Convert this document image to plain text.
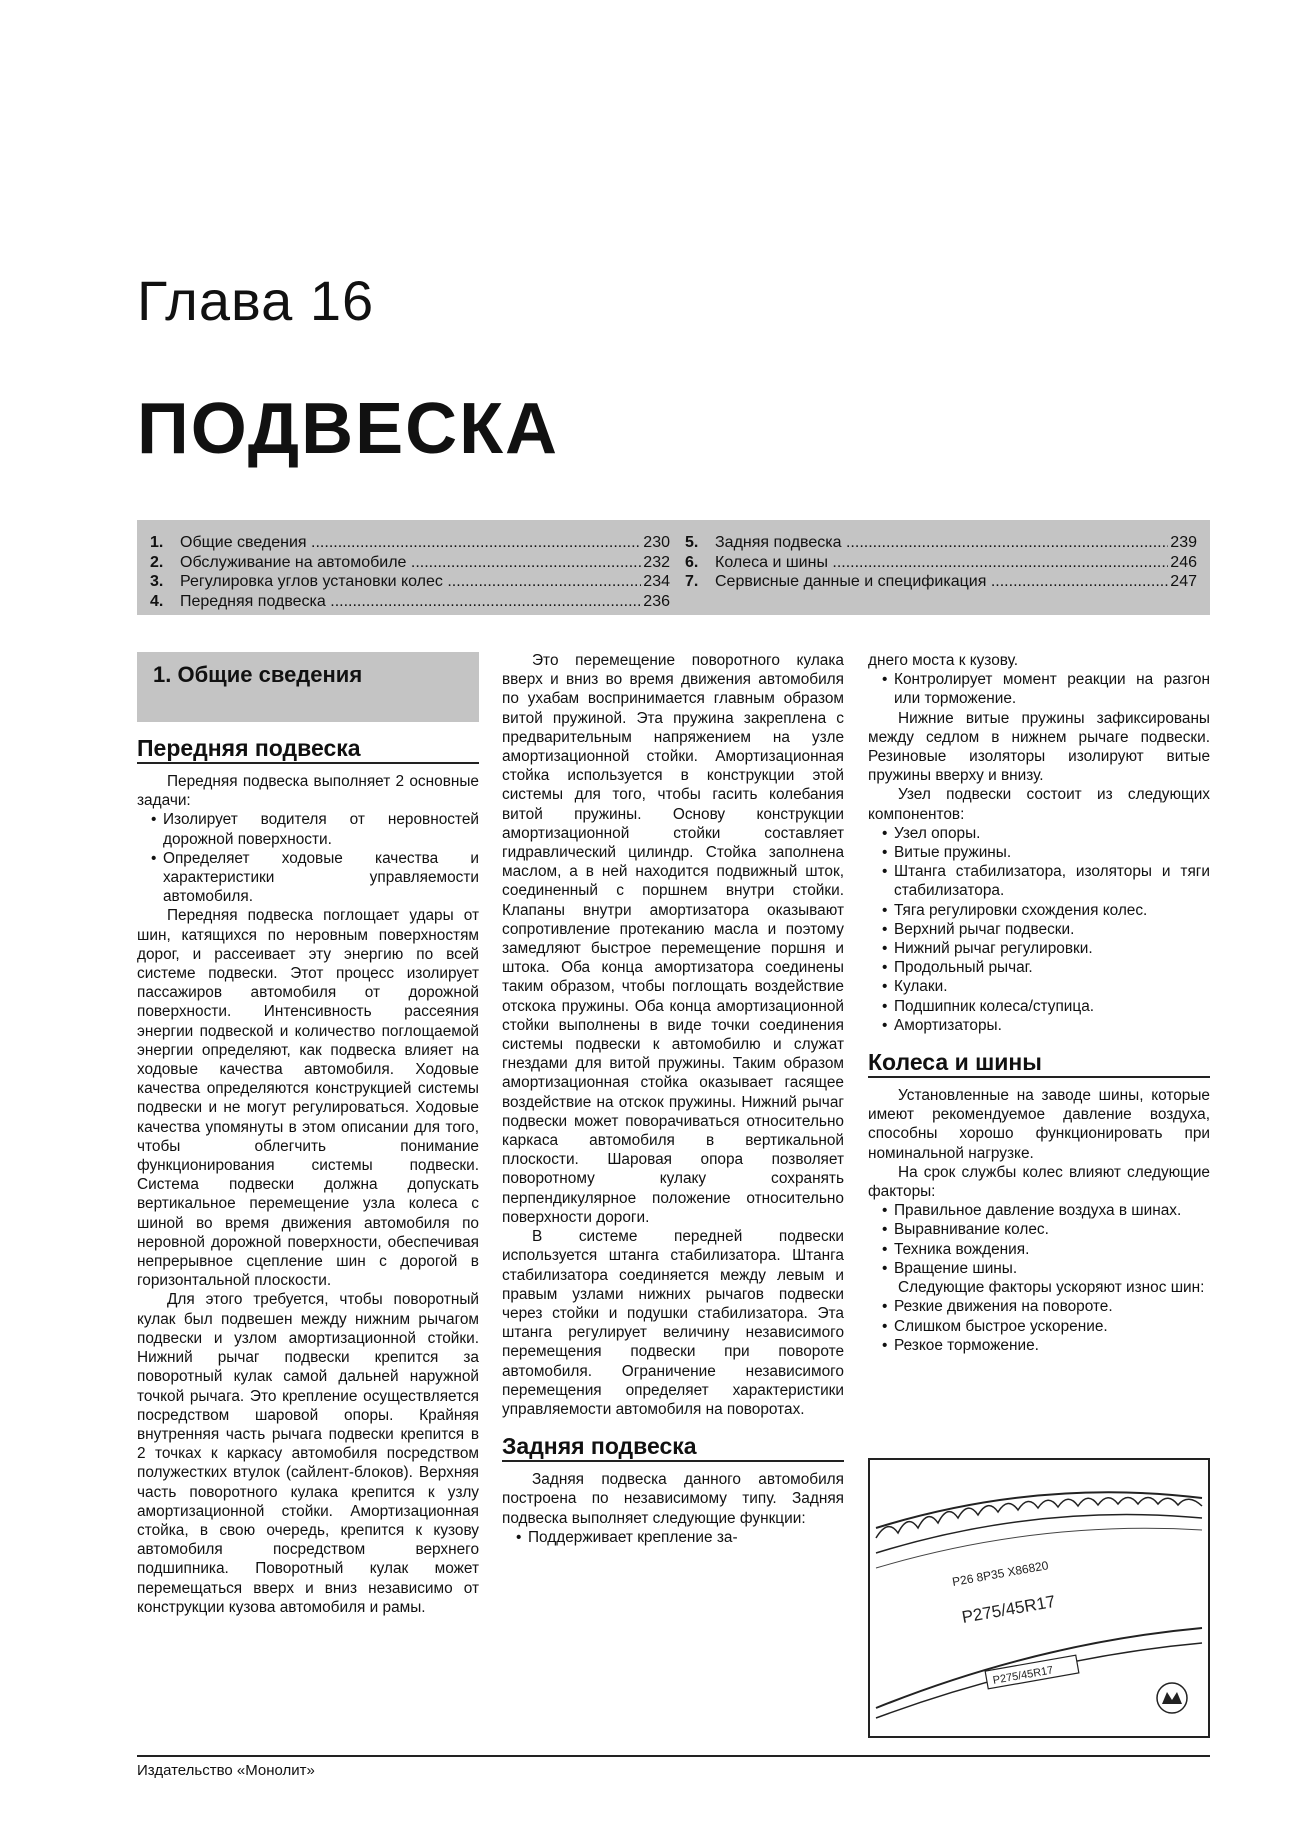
Глава 16
ПОДВЕСКА
1.	Общие сведения .....	230
2.	Обслуживание на автомобиле .....	232
3.	Регулировка углов установки колес .....	234
4.	Передняя подвеска .....	236
5.	Задняя подвеска .....	239
6.	Колеса и шины .....	246
7.	Сервисные данные и спецификация .....	247
1. Общие сведения
Передняя подвеска

Передняя подвеска выполняет 2 основные задачи:

• Изолирует водителя от неровностей дорожной поверхности.

• Определяет ходовые качества и характеристики управляемости автомобиля.

Передняя подвеска поглощает удары от шин, катящихся по неровным поверхностям дорог, и рассеивает эту энергию по всей системе подвески. Этот процесс изолирует пассажиров автомобиля от дорожной поверхности. Интенсивность рассеяния энергии подвеской и количество поглощаемой энергии определяют, как подвеска влияет на ходовые качества автомобиля. Ходовые качества определяются конструкцией системы подвески и не могут регулироваться. Ходовые качества упомянуты в этом описании для того, чтобы облегчить понимание функционирования системы подвески. Система подвески должна допускать вертикальное перемещение узла колеса с шиной во время движения автомобиля по неровной дорожной поверхности, обеспечивая непрерывное сцепление шин с дорогой в горизонтальной плоскости.

Для этого требуется, чтобы поворотный кулак был подвешен между нижним рычагом подвески и узлом амортизационной стойки. Нижний рычаг подвески крепится за поворотный кулак самой дальней наружной точкой рычага. Это крепление осуществляется посредством шаровой опоры. Крайняя внутренняя часть рычага подвески крепится в 2 точках к каркасу автомобиля посредством полужестких втулок (сайлент-блоков). Верхняя часть поворотного кулака крепится к узлу амортизационной стойки. Амортизационная стойка, в свою очередь, крепится к кузову автомобиля посредством верхнего подшипника. Поворотный кулак может перемещаться вверх и вниз независимо от конструкции кузова автомобиля и рамы.

Это перемещение поворотного кулака вверх и вниз во время движения автомобиля по ухабам воспринимается главным образом витой пружиной. Эта пружина закреплена с предварительным напряжением на узле амортизационной стойки. Амортизационная стойка используется в конструкции этой системы для того, чтобы гасить колебания витой пружины. Основу конструкции амортизационной стойки составляет гидравлический цилиндр. Стойка заполнена маслом, а в ней находится подвижный шток, соединенный с поршнем внутри стойки. Клапаны внутри амортизатора оказывают сопротивление протеканию масла и поэтому замедляют быстрое перемещение поршня и штока. Оба конца амортизатора соединены таким образом, чтобы поглощать воздействие отскока пружины. Оба конца амортизационной стойки выполнены в виде точки соединения системы подвески к автомобилю и служат гнездами для витой пружины. Таким образом амортизационная стойка оказывает гасящее воздействие на отскок пружины. Нижний рычаг подвески может поворачиваться относительно каркаса автомобиля в вертикальной плоскости. Шаровая опора позволяет поворотному кулаку сохранять перпендикулярное положение относительно поверхности дороги.

В системе передней подвески используется штанга стабилизатора. Штанга стабилизатора соединяется между левым и правым узлами нижних рычагов подвески через стойки и подушки стабилизатора. Эта штанга регулирует величину независимого перемещения подвески при повороте автомобиля. Ограничение независимого перемещения определяет характеристики управляемости автомобиля на поворотах.

Задняя подвеска

Задняя подвеска данного автомобиля построена по независимому типу. Задняя подвеска выполняет следующие функции:

• Поддерживает крепление за-

днего моста к кузову.

• Контролирует момент реакции на разгон или торможение.

Нижние витые пружины зафиксированы между седлом в нижнем рычаге подвески. Резиновые изоляторы изолируют витые пружины вверху и внизу.

Узел подвески состоит из следующих компонентов:

• Узел опоры.

• Витые пружины.

• Штанга стабилизатора, изоляторы и тяги стабилизатора.

• Тяга регулировки схождения колес.

• Верхний рычаг подвески.

• Нижний рычаг регулировки.

• Продольный рычаг.

• Кулаки.

• Подшипник колеса/ступица.

• Амортизаторы.

Колеса и шины

Установленные на заводе шины, которые имеют рекомендуемое давление воздуха, способны хорошо функционировать при номинальной нагрузке.

На срок службы колес влияют следующие факторы:

• Правильное давление воздуха в шинах.

• Выравнивание колес.

• Техника вождения.

• Вращение шины.

Следующие факторы ускоряют износ шин:

• Резкие движения на повороте.

• Слишком быстрое ускорение.

• Резкое торможение.

P26 8P35 X86820
P275/45R17
P275/45R17
Издательство «Монолит»
